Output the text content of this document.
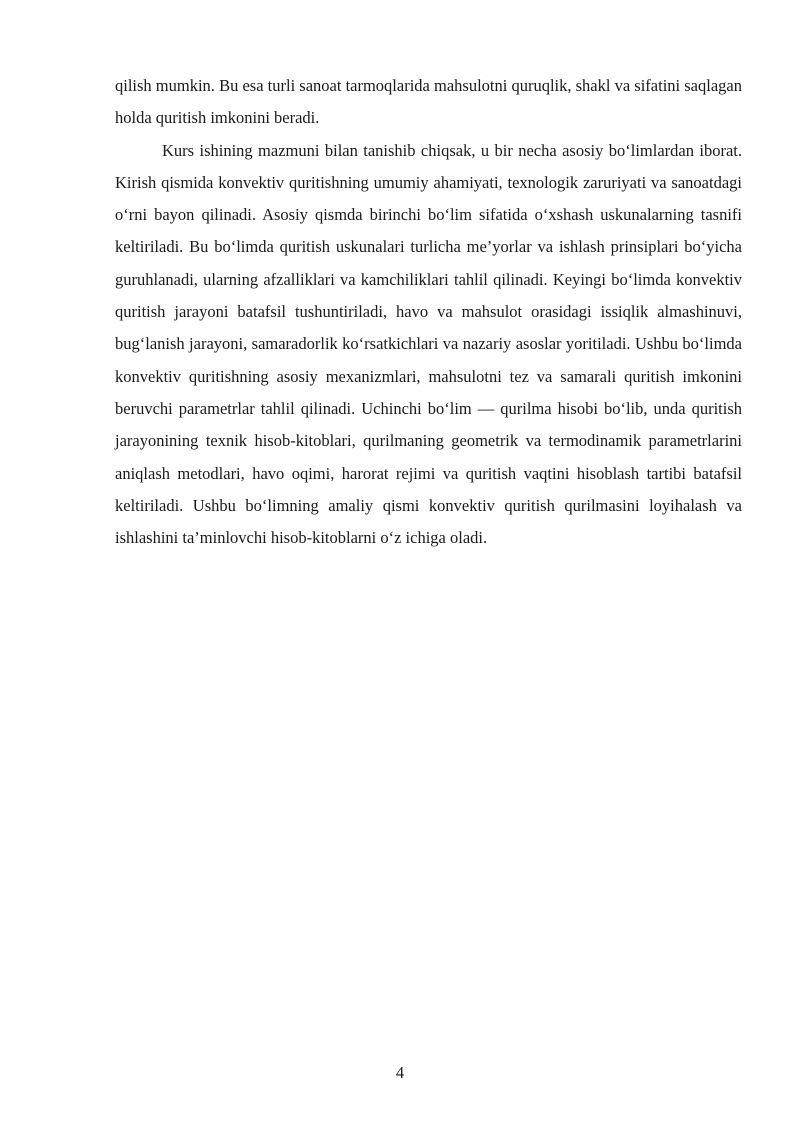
qilish mumkin. Bu esa turli sanoat tarmoqlarida mahsulotni quruqlik, shakl va sifatini saqlagan holda quritish imkonini beradi.

Kurs ishining mazmuni bilan tanishib chiqsak, u bir necha asosiy bo‘limlardan iborat. Kirish qismida konvektiv quritishning umumiy ahamiyati, texnologik zaruriyati va sanoatdagi o‘rni bayon qilinadi. Asosiy qismda birinchi bo‘lim sifatida o‘xshash uskunalarning tasnifi keltiriladi. Bu bo‘limda quritish uskunalari turlicha me’yorlar va ishlash prinsiplari bo‘yicha guruhlanadi, ularning afzalliklari va kamchiliklari tahlil qilinadi. Keyingi bo‘limda konvektiv quritish jarayoni batafsil tushuntiriladi, havo va mahsulot orasidagi issiqlik almashinuvi, bug‘lanish jarayoni, samaradorlik ko‘rsatkichlari va nazariy asoslar yoritiladi. Ushbu bo‘limda konvektiv quritishning asosiy mexanizmlari, mahsulotni tez va samarali quritish imkonini beruvchi parametrlar tahlil qilinadi. Uchinchi bo‘lim — qurilma hisobi bo‘lib, unda quritish jarayonining texnik hisob-kitoblari, qurilmaning geometrik va termodinamik parametrlarini aniqlash metodlari, havo oqimi, harorat rejimi va quritish vaqtini hisoblash tartibi batafsil keltiriladi. Ushbu bo‘limning amaliy qismi konvektiv quritish qurilmasini loyihalash va ishlashini ta’minlovchi hisob-kitoblarni o‘z ichiga oladi.

4
